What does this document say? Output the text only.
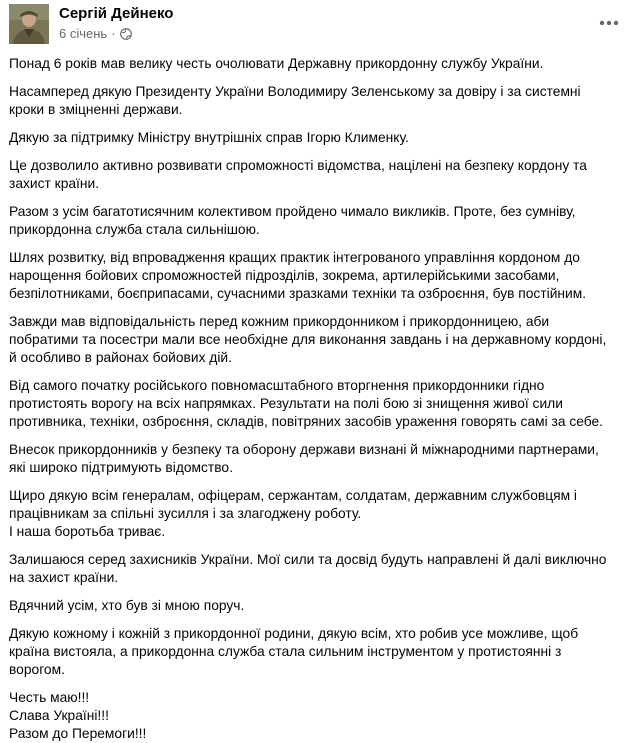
Сергій Дейнеко
6 січень ·

Понад 6 років мав велику честь очолювати Державну прикордонну службу України.

Насамперед дякую Президенту України Володимиру Зеленському за довіру і за системні
кроки в зміцненні держави.

Дякую за підтримку Міністру внутрішніх справ Ігорю Клименку.

Це дозволило активно розвивати спроможності відомства, націлені на безпеку кордону та
захист країни.

Разом з усім багатотисячним колективом пройдено чимало викликів. Проте, без сумніву,
прикордонна служба стала сильнішою.

Шлях розвитку, від впровадження кращих практик інтегрованого управління кордоном до
нарощення бойових спроможностей підрозділів, зокрема, артилерійськими засобами,
безпілотниками, боєприпасами, сучасними зразками техніки та озброєння, був постійним.

Завжди мав відповідальність перед кожним прикордонником і прикордонницею, аби
побратими та посестри мали все необхідне для виконання завдань і на державному кордоні,
й особливо в районах бойових дій.

Від самого початку російського повномасштабного вторгнення прикордонники гідно
протистоять ворогу на всіх напрямках. Результати на полі бою зі знищення живої сили
противника, техніки, озброєння, складів, повітряних засобів ураження говорять самі за себе.

Внесок прикордонників у безпеку та оборону держави визнані й міжнародними партнерами,
які широко підтримують відомство.

Щиро дякую всім генералам, офіцерам, сержантам, солдатам, державним службовцям і
працівникам за спільні зусилля і за злагоджену роботу.
І наша боротьба триває.

Залишаюся серед захисників України. Мої сили та досвід будуть направлені й далі виключно
на захист країни.

Вдячний усім, хто був зі мною поруч.

Дякую кожному і кожній з прикордонної родини, дякую всім, хто робив усе можливе, щоб
країна вистояла, а прикордонна служба стала сильним інструментом у протистоянні з
ворогом.

Честь маю!!!
Слава Україні!!!
Разом до Перемоги!!!
